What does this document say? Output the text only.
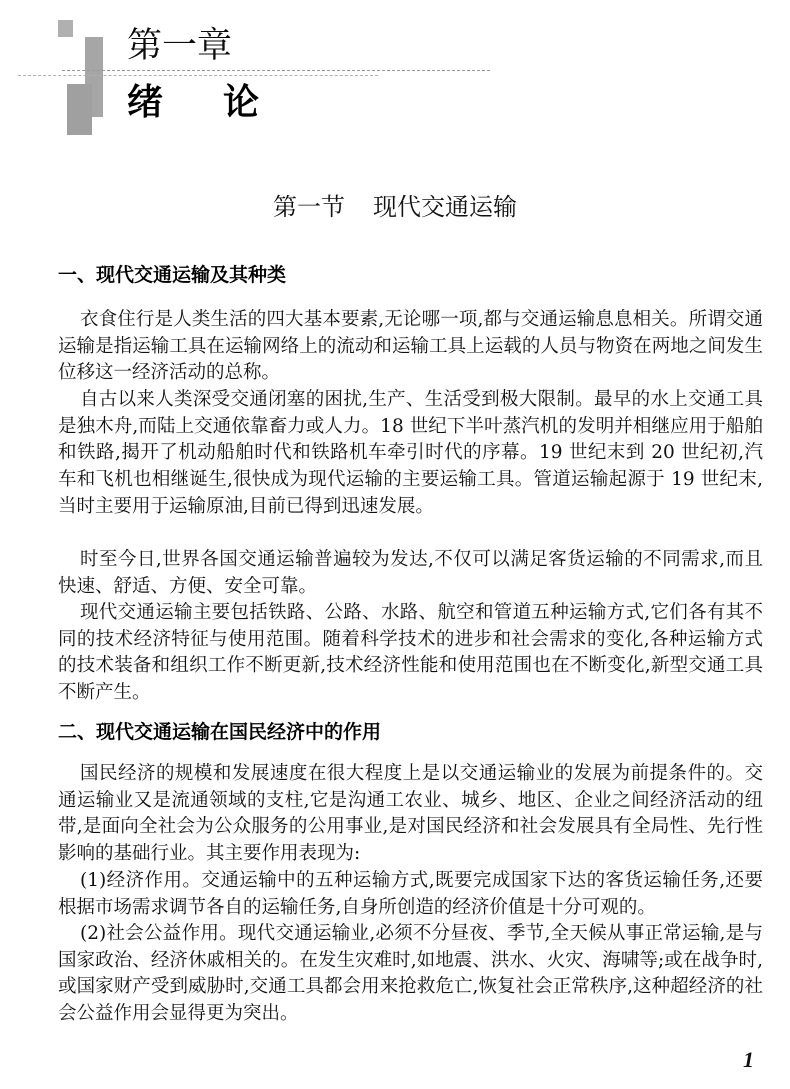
第一章
绪 论
第一节 现代交通运输
一、现代交通运输及其种类

衣食住行是人类生活的四大基本要素,无论哪一项,都与交通运输息息相关。所谓交通运输是指运输工具在运输网络上的流动和运输工具上运载的人员与物资在两地之间发生位移这一经济活动的总称。

自古以来人类深受交通闭塞的困扰,生产、生活受到极大限制。最早的水上交通工具是独木舟,而陆上交通依靠畜力或人力。18 世纪下半叶蒸汽机的发明并相继应用于船舶和铁路,揭开了机动船舶时代和铁路机车牵引时代的序幕。19 世纪末到 20 世纪初,汽车和飞机也相继诞生,很快成为现代运输的主要运输工具。管道运输起源于 19 世纪末,当时主要用于运输原油,目前已得到迅速发展。

时至今日,世界各国交通运输普遍较为发达,不仅可以满足客货运输的不同需求,而且快速、舒适、方便、安全可靠。

现代交通运输主要包括铁路、公路、水路、航空和管道五种运输方式,它们各有其不同的技术经济特征与使用范围。随着科学技术的进步和社会需求的变化,各种运输方式的技术装备和组织工作不断更新,技术经济性能和使用范围也在不断变化,新型交通工具不断产生。

二、现代交通运输在国民经济中的作用

国民经济的规模和发展速度在很大程度上是以交通运输业的发展为前提条件的。交通运输业又是流通领域的支柱,它是沟通工农业、城乡、地区、企业之间经济活动的纽带,是面向全社会为公众服务的公用事业,是对国民经济和社会发展具有全局性、先行性影响的基础行业。其主要作用表现为:

(1)经济作用。交通运输中的五种运输方式,既要完成国家下达的客货运输任务,还要根据市场需求调节各自的运输任务,自身所创造的经济价值是十分可观的。

(2)社会公益作用。现代交通运输业,必须不分昼夜、季节,全天候从事正常运输,是与国家政治、经济休戚相关的。在发生灾难时,如地震、洪水、火灾、海啸等;或在战争时,或国家财产受到威胁时,交通工具都会用来抢救危亡,恢复社会正常秩序,这种超经济的社会公益作用会显得更为突出。

1
